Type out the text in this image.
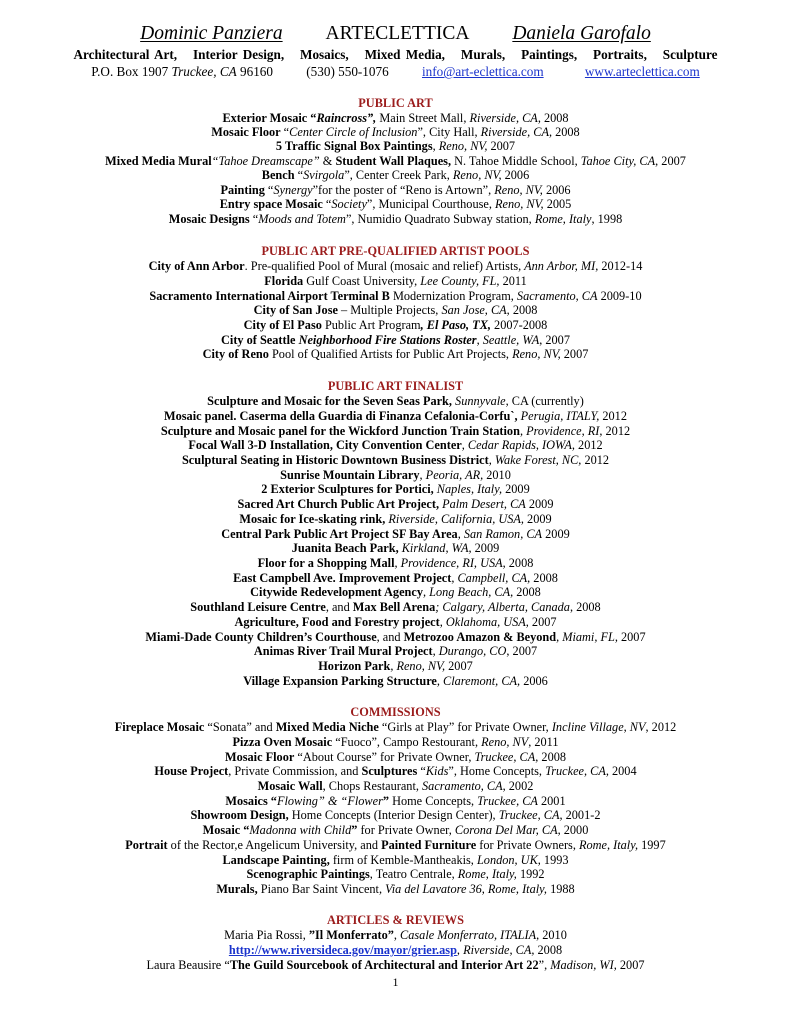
Dominic Panziera ARTECLETTICA Daniela Garofalo
Architectural Art,   Interior Design,   Mosaics,   Mixed Media,   Murals,   Paintings,   Portraits,   Sculpture
P.O. Box 1907 Truckee, CA 96160	(530) 550-1076	info@art-eclettica.com	www.arteclettica.com
PUBLIC ART
Exterior Mosaic “Raincross”, Main Street Mall, Riverside, CA, 2008
Mosaic Floor “Center Circle of Inclusion”, City Hall, Riverside, CA, 2008
5 Traffic Signal Box Paintings, Reno, NV, 2007
Mixed Media Mural“Tahoe Dreamscape” & Student Wall Plaques, N. Tahoe Middle School, Tahoe City, CA, 2007
Bench “Svirgola”, Center Creek Park, Reno, NV, 2006
Painting “Synergy”for the poster of “Reno is Artown”, Reno, NV, 2006
Entry space Mosaic “Society”, Municipal Courthouse, Reno, NV, 2005
Mosaic Designs “Moods and Totem”, Numidio Quadrato Subway station, Rome, Italy, 1998
PUBLIC ART PRE-QUALIFIED ARTIST POOLS
City of Ann Arbor. Pre-qualified Pool of Mural (mosaic and relief) Artists, Ann Arbor, MI, 2012-14
Florida Gulf Coast University, Lee County, FL, 2011
Sacramento International Airport Terminal B Modernization Program, Sacramento, CA 2009-10
City of San Jose – Multiple Projects, San Jose, CA, 2008
City of El Paso Public Art Program, El Paso, TX, 2007-2008
City of Seattle Neighborhood Fire Stations Roster, Seattle, WA, 2007
City of Reno Pool of Qualified Artists for Public Art Projects, Reno, NV, 2007
PUBLIC ART FINALIST
Sculpture and Mosaic for the Seven Seas Park, Sunnyvale, CA (currently)
Mosaic panel. Caserma della Guardia di Finanza Cefalonia-Corfu`, Perugia, ITALY, 2012
Sculpture and Mosaic panel for the Wickford Junction Train Station, Providence, RI, 2012
Focal Wall 3-D Installation, City Convention Center, Cedar Rapids, IOWA, 2012
Sculptural Seating in Historic Downtown Business District, Wake Forest, NC, 2012
Sunrise Mountain Library, Peoria, AR, 2010
2 Exterior Sculptures for Portici, Naples, Italy, 2009
Sacred Art Church Public Art Project, Palm Desert, CA 2009
Mosaic for Ice-skating rink, Riverside, California, USA, 2009
Central Park Public Art Project SF Bay Area, San Ramon, CA 2009
Juanita Beach Park, Kirkland, WA, 2009
Floor for a Shopping Mall, Providence, RI, USA, 2008
East Campbell Ave. Improvement Project, Campbell, CA, 2008
Citywide Redevelopment Agency, Long Beach, CA, 2008
Southland Leisure Centre, and Max Bell Arena; Calgary, Alberta, Canada, 2008
Agriculture, Food and Forestry project, Oklahoma, USA, 2007
Miami-Dade County Children’s Courthouse, and Metrozoo Amazon & Beyond, Miami, FL, 2007
Animas River Trail Mural Project, Durango, CO, 2007
Horizon Park, Reno, NV, 2007
Village Expansion Parking Structure, Claremont, CA, 2006
COMMISSIONS
Fireplace Mosaic “Sonata” and Mixed Media Niche “Girls at Play” for Private Owner, Incline Village, NV, 2012
Pizza Oven Mosaic “Fuoco”, Campo Restourant, Reno, NV, 2011
Mosaic Floor “About Course” for Private Owner, Truckee, CA, 2008
House Project, Private Commission, and Sculptures “Kids”, Home Concepts, Truckee, CA, 2004
Mosaic Wall, Chops Restaurant, Sacramento, CA, 2002
Mosaics “Flowing” & “Flower” Home Concepts, Truckee, CA 2001
Showroom Design, Home Concepts (Interior Design Center), Truckee, CA, 2001-2
Mosaic “Madonna with Child” for Private Owner, Corona Del Mar, CA, 2000
Portrait of the Rector,e Angelicum University, and Painted Furniture for Private Owners, Rome, Italy, 1997
Landscape Painting, firm of Kemble-Mantheakis, London, UK, 1993
Scenographic Paintings, Teatro Centrale, Rome, Italy, 1992
Murals, Piano Bar Saint Vincent, Via del Lavatore 36, Rome, Italy, 1988
ARTICLES & REVIEWS
Maria Pia Rossi, ”Il Monferrato”, Casale Monferrato, ITALIA, 2010
http://www.riversideca.gov/mayor/grier.asp, Riverside, CA, 2008
Laura Beausire “The Guild Sourcebook of Architectural and Interior Art 22”, Madison, WI, 2007
1
